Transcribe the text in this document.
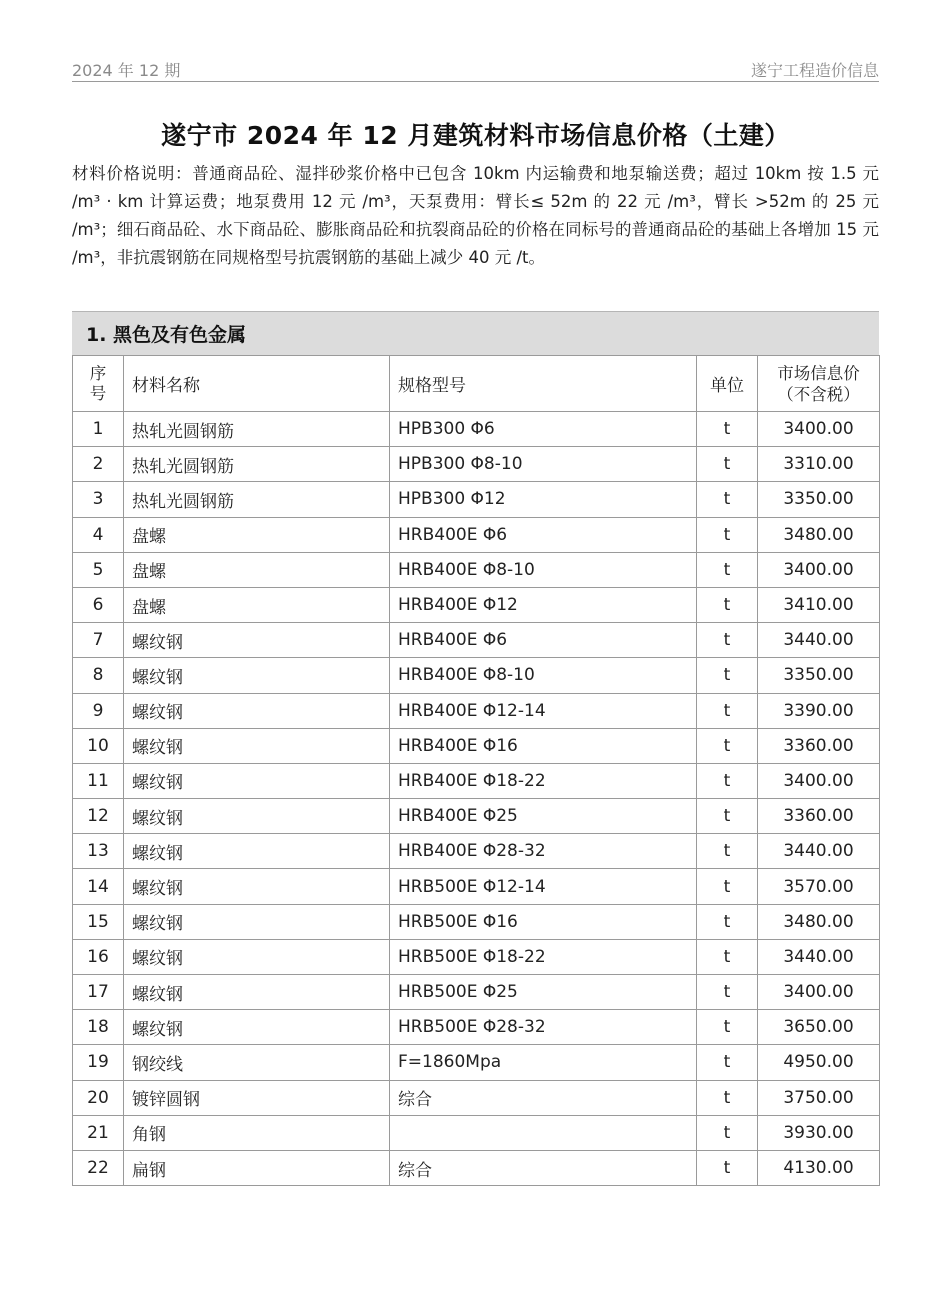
2024 年 12 期	遂宁工程造价信息
遂宁市 2024 年 12 月建筑材料市场信息价格（土建）

材料价格说明：普通商品砼、湿拌砂浆价格中已包含 10km 内运输费和地泵输送费；超过 10km 按 1.5 元 /m³ · km 计算运费；地泵费用 12 元 /m³，天泵费用：臂长≤ 52m 的 22 元 /m³，臂长 >52m 的 25 元 /m³；细石商品砼、水下商品砼、膨胀商品砼和抗裂商品砼的价格在同标号的普通商品砼的基础上各增加 15 元 /m³，非抗震钢筋在同规格型号抗震钢筋的基础上减少 40 元 /t。

1. 黑色及有色金属
序
号	材料名称	规格型号	单位	市场信息价
（不含税）

1	热轧光圆钢筋	HPB300 Φ6	t	3400.00
2	热轧光圆钢筋	HPB300 Φ8-10	t	3310.00
3	热轧光圆钢筋	HPB300 Φ12	t	3350.00
4	盘螺	HRB400E Φ6	t	3480.00
5	盘螺	HRB400E Φ8-10	t	3400.00
6	盘螺	HRB400E Φ12	t	3410.00
7	螺纹钢	HRB400E Φ6	t	3440.00
8	螺纹钢	HRB400E Φ8-10	t	3350.00
9	螺纹钢	HRB400E Φ12-14	t	3390.00
10	螺纹钢	HRB400E Φ16	t	3360.00
11	螺纹钢	HRB400E Φ18-22	t	3400.00
12	螺纹钢	HRB400E Φ25	t	3360.00
13	螺纹钢	HRB400E Φ28-32	t	3440.00
14	螺纹钢	HRB500E Φ12-14	t	3570.00
15	螺纹钢	HRB500E Φ16	t	3480.00
16	螺纹钢	HRB500E Φ18-22	t	3440.00
17	螺纹钢	HRB500E Φ25	t	3400.00
18	螺纹钢	HRB500E Φ28-32	t	3650.00
19	钢绞线	F=1860Mpa	t	4950.00
20	镀锌圆钢	综合	t	3750.00
21	角钢		t	3930.00
22	扁钢	综合	t	4130.00
